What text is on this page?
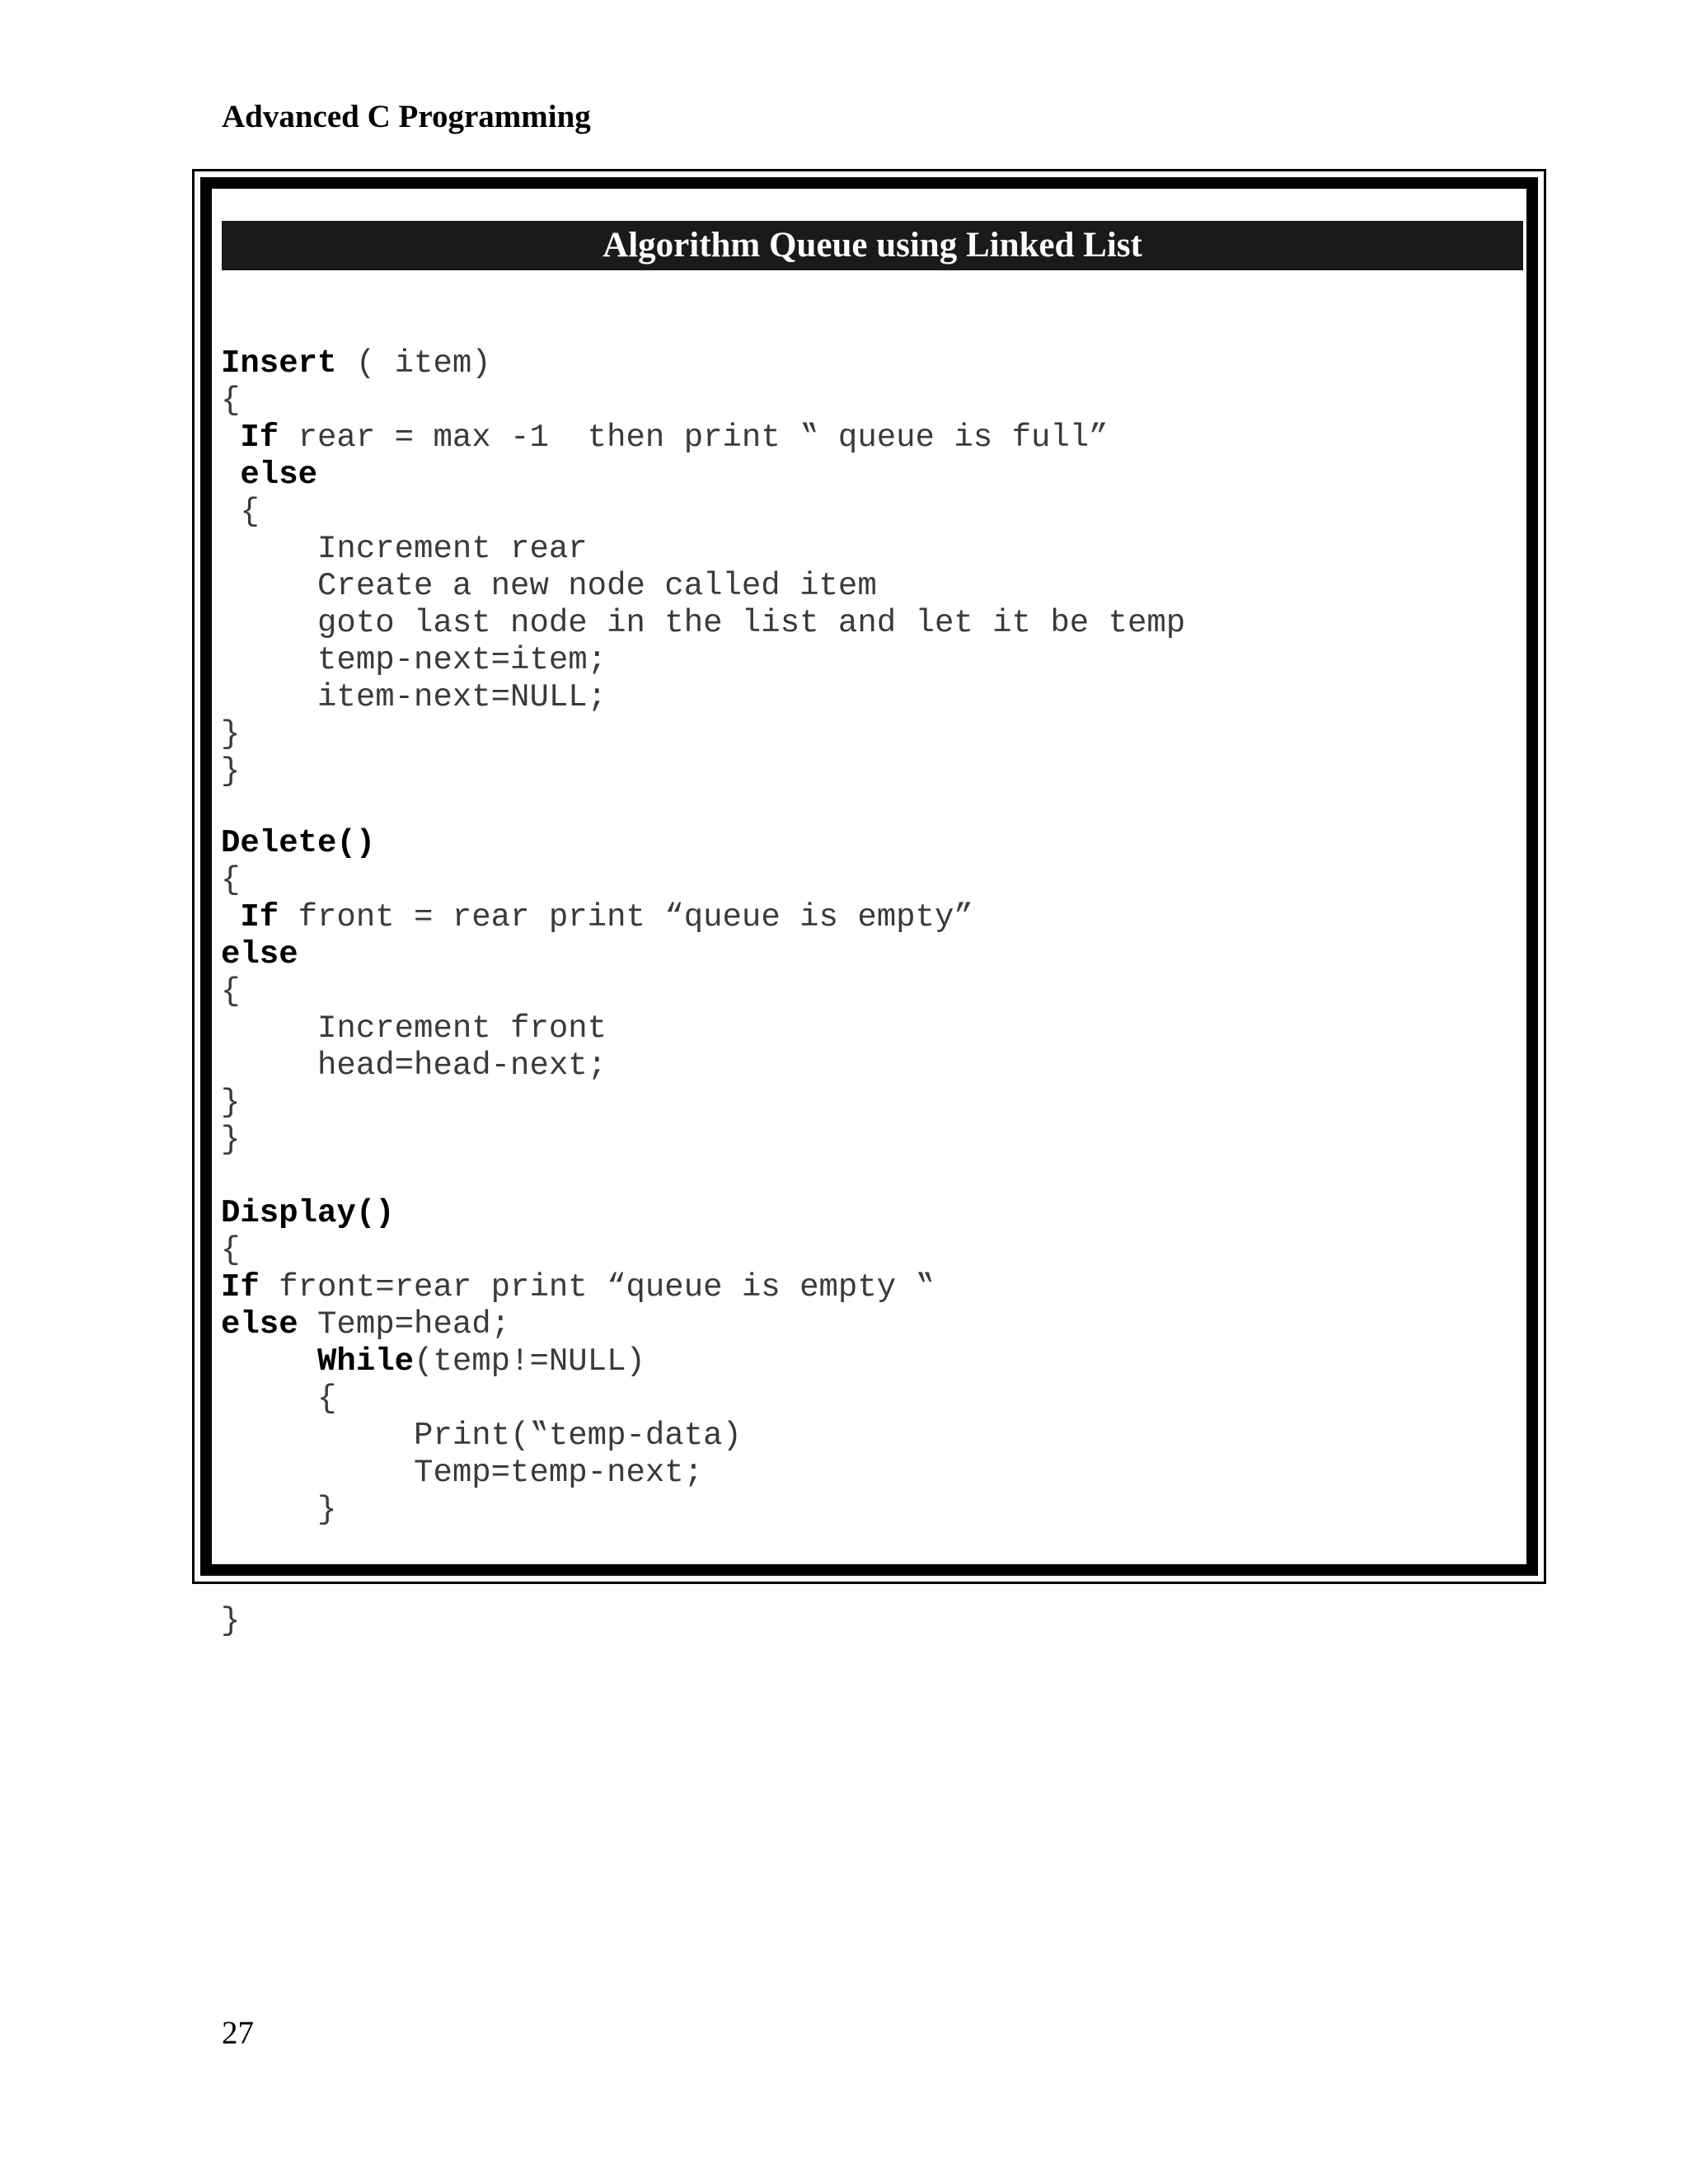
Advanced C Programming
Algorithm Queue using Linked List
Insert ( item)
{
If rear = max -1  then print ‟ queue is full”
else
{
Increment rear
Create a new node called item
goto last node in the list and let it be temp
temp-next=item;
item-next=NULL;
}
}
Delete()
{
If front = rear print “queue is empty”
else
{
Increment front
head=head-next;
}
}
Display()
{
If front=rear print “queue is empty ‟
else Temp=head;
While(temp!=NULL)
{
Print(‟temp-data)
Temp=temp-next;
}
}
27
